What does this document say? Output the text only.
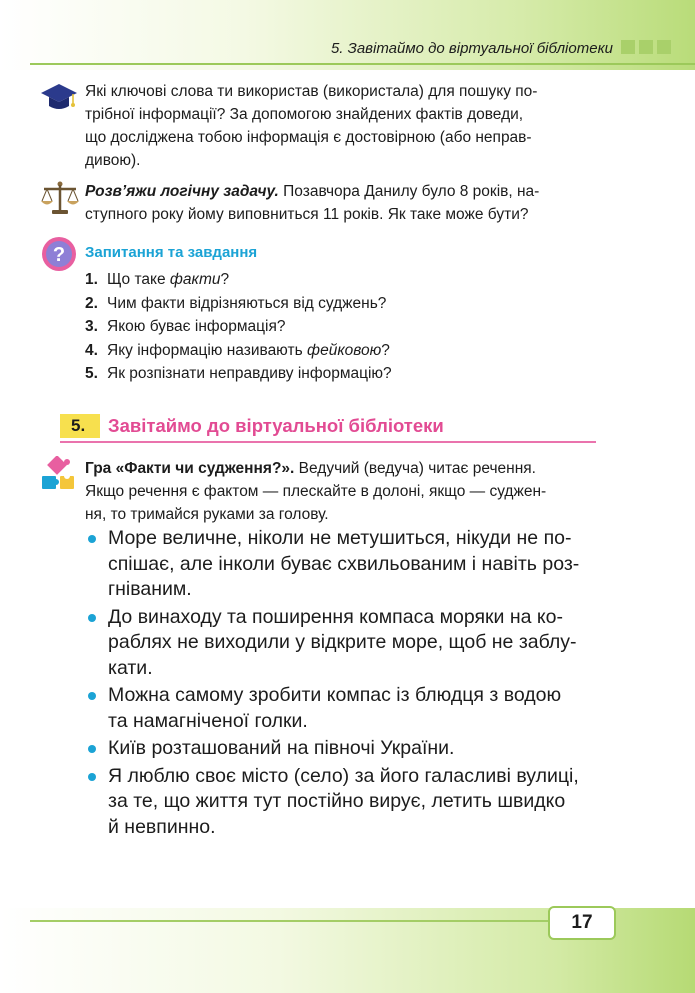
5. Завітаймо до віртуальної бібліотеки
Які ключові слова ти використав (використала) для пошуку по-
трібної інформації? За допомогою знайдених фактів доведи,
що досліджена тобою інформація є достовірною (або неправ-
дивою).
Розв’яжи логічну задачу. Позавчора Данилу було 8 років, на-
ступного року йому виповниться 11 років. Як таке може бути?
? Запитання та завдання
1. Що таке факти?
2. Чим факти відрізняються від суджень?
3. Якою буває інформація?
4. Яку інформацію називають фейковою?
5. Як розпізнати неправдиву інформацію?
5.	Завітаймо до віртуальної бібліотеки
Гра «Факти чи судження?». Ведучий (ведуча) читає речення.
Якщо речення є фактом — плескайте в долоні, якщо — суджен-
ня, то тримайся руками за голову.
Море величне, ніколи не метушиться, нікуди не по-
спішає, але інколи буває схвильованим і навіть роз-
гніваним.
До винаходу та поширення компаса моряки на ко-
раблях не виходили у відкрите море, щоб не заблу-
кати.
Можна самому зробити компас із блюдця з водою
та намагніченої голки.
Київ розташований на півночі України.
Я люблю своє місто (село) за його галасливі вулиці,
за те, що життя тут постійно вирує, летить швидко
й невпинно.
17
